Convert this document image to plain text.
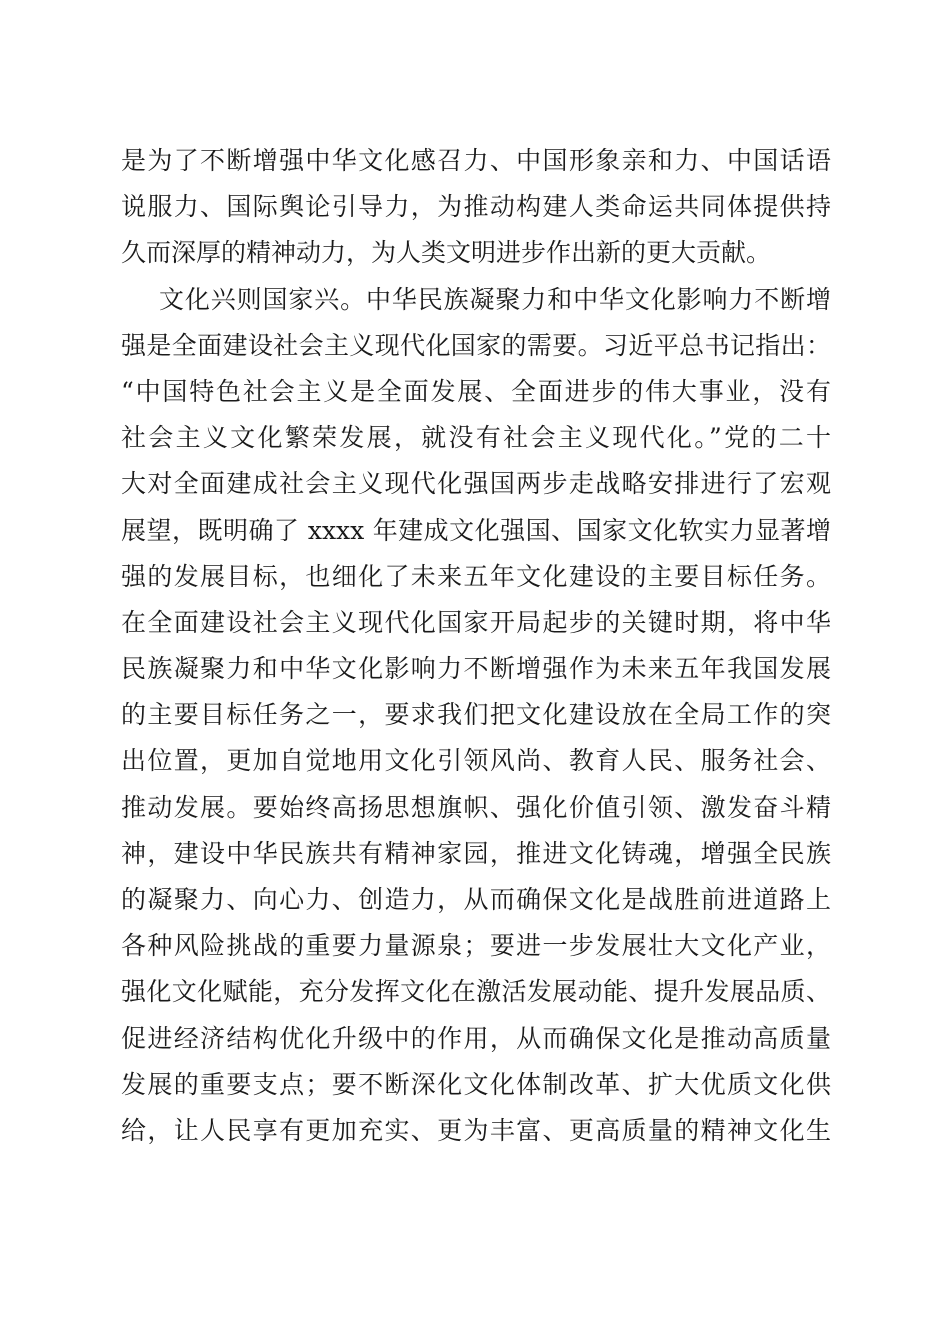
是为了不断增强中华文化感召力、中国形象亲和力、中国话语
说服力、国际舆论引导力，为推动构建人类命运共同体提供持
久而深厚的精神动力，为人类文明进步作出新的更大贡献。
文化兴则国家兴。中华民族凝聚力和中华文化影响力不断增
强是全面建设社会主义现代化国家的需要。习近平总书记指出：
“中国特色社会主义是全面发展、全面进步的伟大事业，没有
社会主义文化繁荣发展，就没有社会主义现代化。”党的二十
大对全面建成社会主义现代化强国两步走战略安排进行了宏观
展望，既明确了 xxxx 年建成文化强国、国家文化软实力显著增
强的发展目标，也细化了未来五年文化建设的主要目标任务。
在全面建设社会主义现代化国家开局起步的关键时期，将中华
民族凝聚力和中华文化影响力不断增强作为未来五年我国发展
的主要目标任务之一，要求我们把文化建设放在全局工作的突
出位置，更加自觉地用文化引领风尚、教育人民、服务社会、
推动发展。要始终高扬思想旗帜、强化价值引领、激发奋斗精
神，建设中华民族共有精神家园，推进文化铸魂，增强全民族
的凝聚力、向心力、创造力，从而确保文化是战胜前进道路上
各种风险挑战的重要力量源泉；要进一步发展壮大文化产业，
强化文化赋能，充分发挥文化在激活发展动能、提升发展品质、
促进经济结构优化升级中的作用，从而确保文化是推动高质量
发展的重要支点；要不断深化文化体制改革、扩大优质文化供
给，让人民享有更加充实、更为丰富、更高质量的精神文化生
